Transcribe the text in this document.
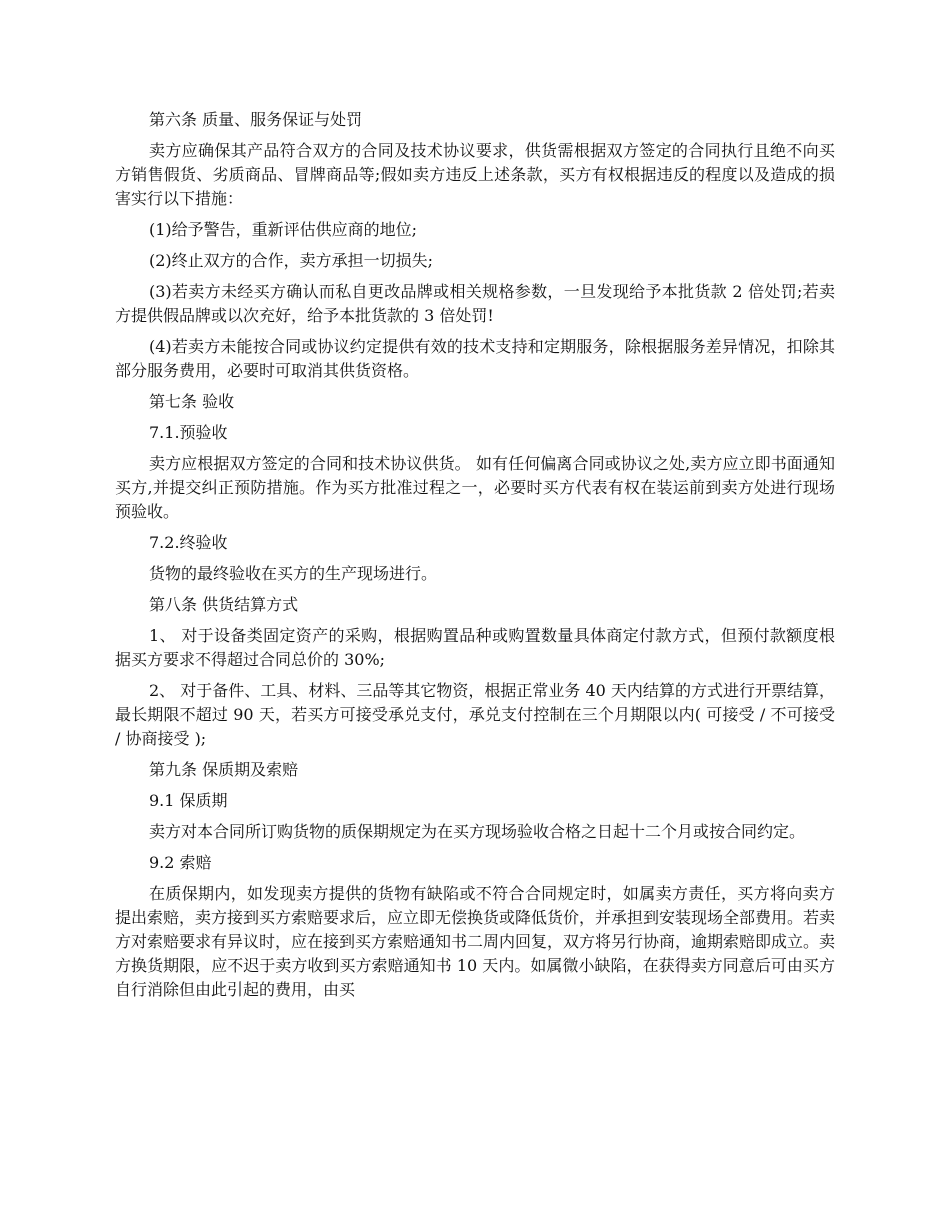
第六条 质量、服务保证与处罚

卖方应确保其产品符合双方的合同及技术协议要求，供货需根据双方签定的合同执行且绝不向买方销售假货、劣质商品、冒牌商品等;假如卖方违反上述条款，买方有权根据违反的程度以及造成的损害实行以下措施：

(1)给予警告，重新评估供应商的地位;

(2)终止双方的合作，卖方承担一切损失;

(3)若卖方未经买方确认而私自更改品牌或相关规格参数，一旦发现给予本批货款 2 倍处罚;若卖方提供假品牌或以次充好，给予本批货款的 3 倍处罚!

(4)若卖方未能按合同或协议约定提供有效的技术支持和定期服务，除根据服务差异情况，扣除其部分服务费用，必要时可取消其供货资格。

第七条 验收

7.1.预验收

卖方应根据双方签定的合同和技术协议供货。 如有任何偏离合同或协议之处,卖方应立即书面通知买方,并提交纠正预防措施。作为买方批准过程之一，必要时买方代表有权在装运前到卖方处进行现场预验收。

7.2.终验收

货物的最终验收在买方的生产现场进行。

第八条 供货结算方式

1、 对于设备类固定资产的采购，根据购置品种或购置数量具体商定付款方式，但预付款额度根据买方要求不得超过合同总价的 30%;

2、 对于备件、工具、材料、三品等其它物资，根据正常业务 40 天内结算的方式进行开票结算，最长期限不超过 90 天，若买方可接受承兑支付，承兑支付控制在三个月期限以内( 可接受 / 不可接受 / 协商接受 );

第九条 保质期及索赔

9.1 保质期

卖方对本合同所订购货物的质保期规定为在买方现场验收合格之日起十二个月或按合同约定。

9.2 索赔

在质保期内，如发现卖方提供的货物有缺陷或不符合合同规定时，如属卖方责任，买方将向卖方提出索赔，卖方接到买方索赔要求后，应立即无偿换货或降低货价，并承担到安装现场全部费用。若卖方对索赔要求有异议时，应在接到买方索赔通知书二周内回复，双方将另行协商，逾期索赔即成立。卖方换货期限，应不迟于卖方收到买方索赔通知书 10 天内。如属微小缺陷，在获得卖方同意后可由买方自行消除但由此引起的费用，由买
